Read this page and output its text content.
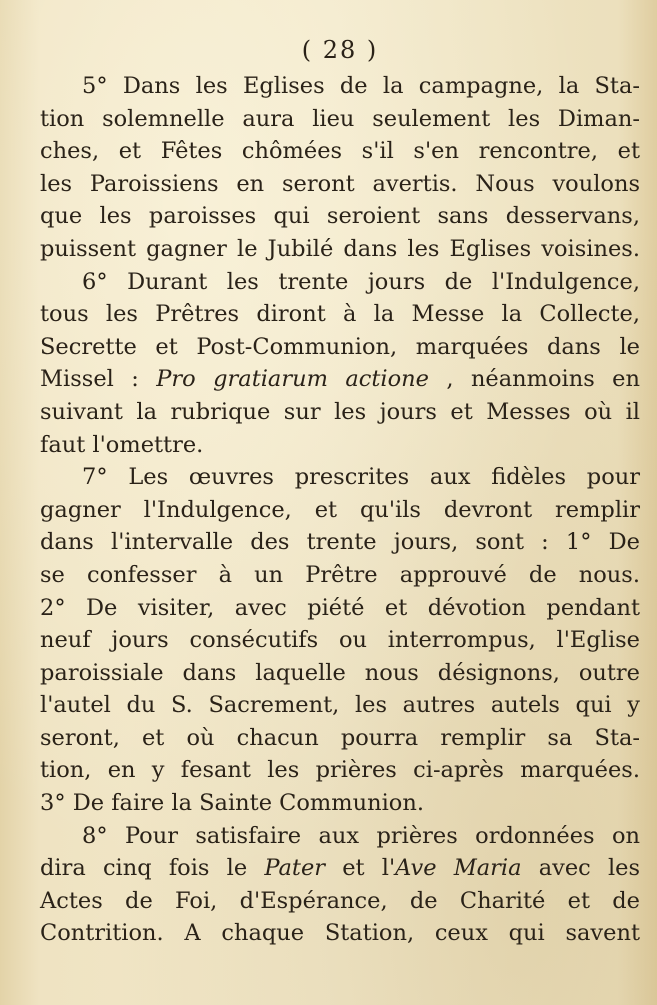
( 28 )
5° Dans les Eglises de la campagne, la Sta-
tion solemnelle aura lieu seulement les Diman-
ches, et Fêtes chômées s'il s'en rencontre, et
les Paroissiens en seront avertis. Nous voulons
que les paroisses qui seroient sans desservans,
puissent gagner le Jubilé dans les Eglises voisines.
6° Durant les trente jours de l'Indulgence,
tous les Prêtres diront à la Messe la Collecte,
Secrette et Post-Communion, marquées dans le
Missel : Pro gratiarum actione , néanmoins en
suivant la rubrique sur les jours et Messes où il
faut l'omettre.
7° Les œuvres prescrites aux fidèles pour
gagner l'Indulgence, et qu'ils devront remplir
dans l'intervalle des trente jours, sont : 1° De
se confesser à un Prêtre approuvé de nous.
2° De visiter, avec piété et dévotion pendant
neuf jours consécutifs ou interrompus, l'Eglise
paroissiale dans laquelle nous désignons, outre
l'autel du S. Sacrement, les autres autels qui y
seront, et où chacun pourra remplir sa Sta-
tion, en y fesant les prières ci-après marquées.
3° De faire la Sainte Communion.
8° Pour satisfaire aux prières ordonnées on
dira cinq fois le Pater et l'Ave Maria avec les
Actes de Foi, d'Espérance, de Charité et de
Contrition. A chaque Station, ceux qui savent
